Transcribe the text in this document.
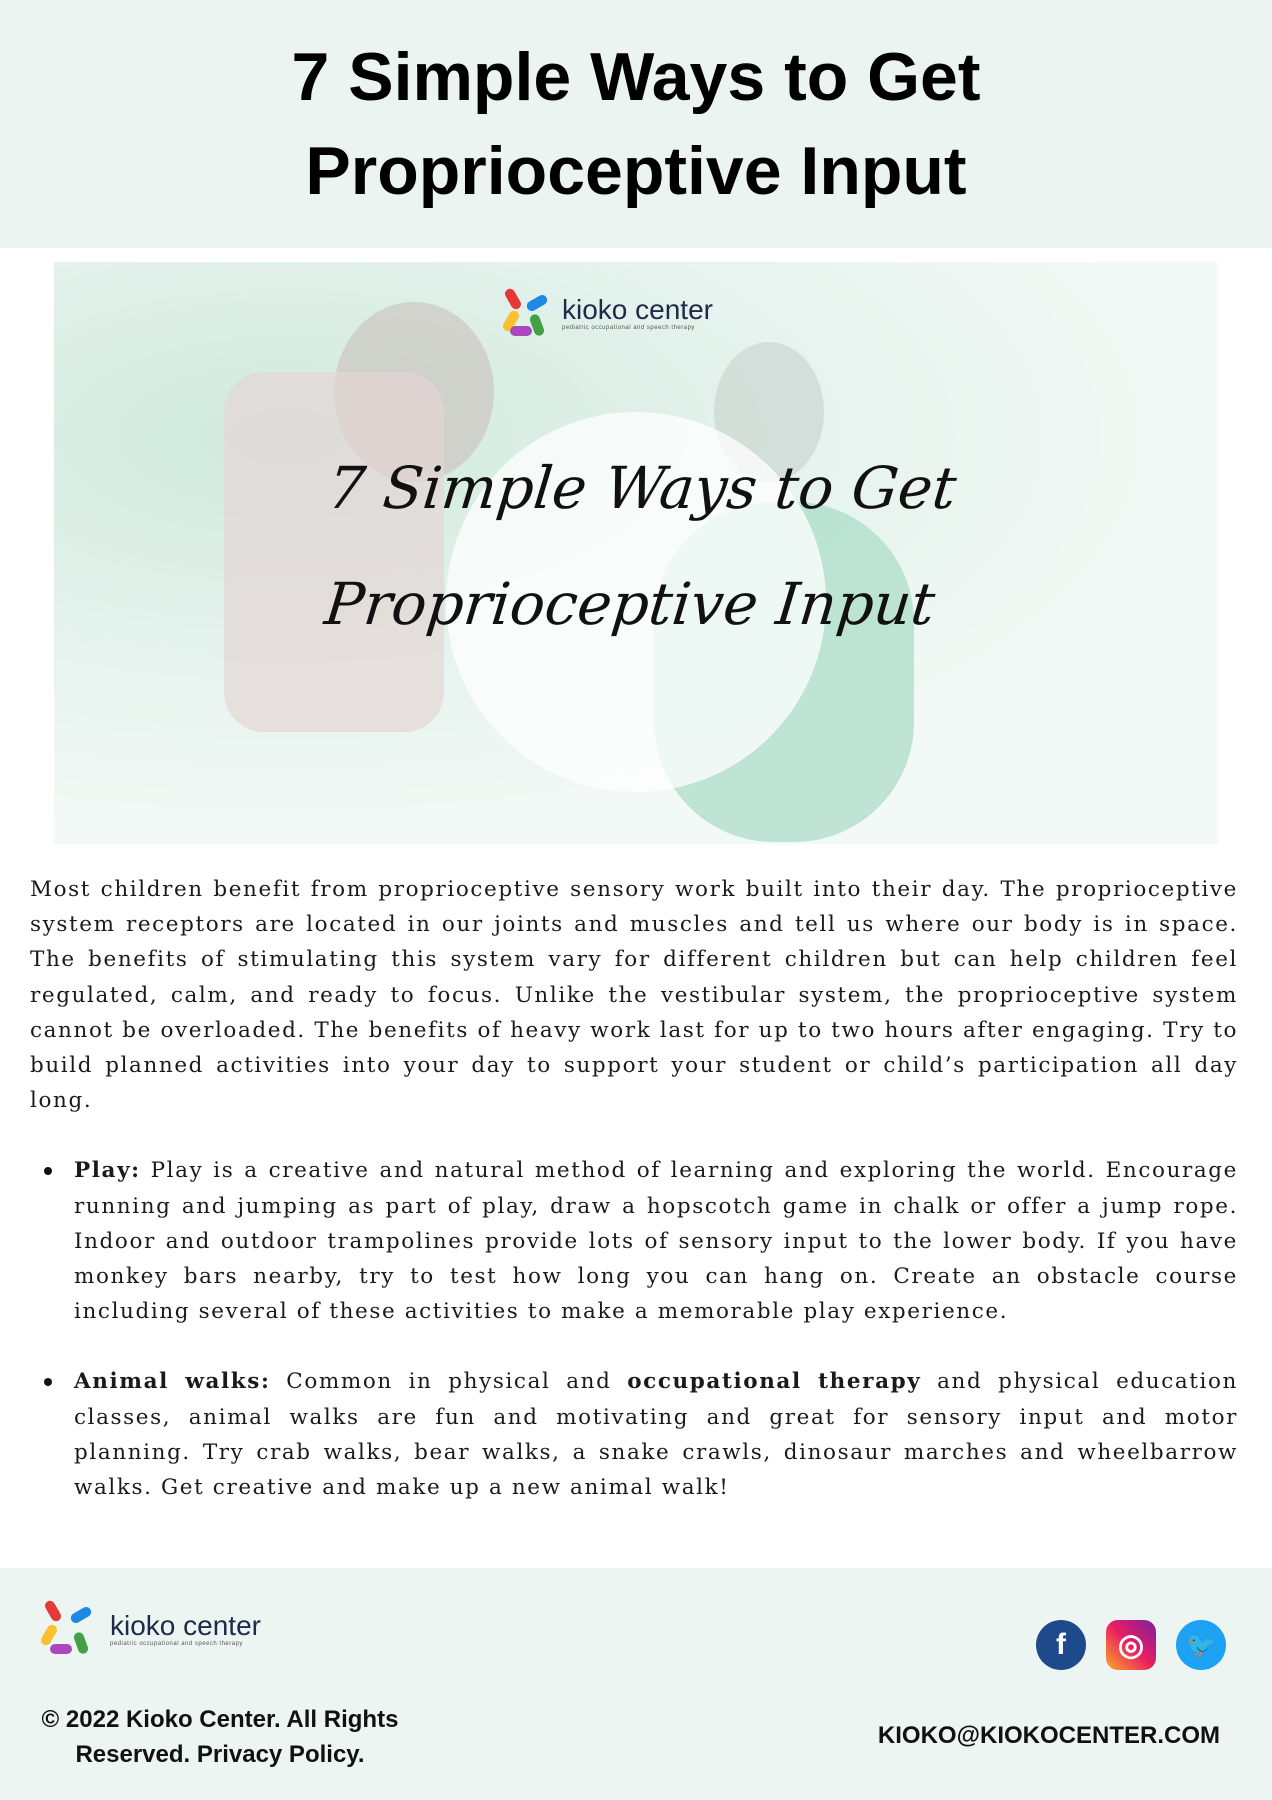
7 Simple Ways to Get
Proprioceptive Input
kioko center
pediatric occupational and speech therapy
7 Simple Ways to Get
Proprioceptive Input

Most children benefit from proprioceptive sensory work built into their day. The proprioceptive system receptors are located in our joints and muscles and tell us where our body is in space. The benefits of stimulating this system vary for different children but can help children feel regulated, calm, and ready to focus. Unlike the vestibular system, the proprioceptive system cannot be overloaded. The benefits of heavy work last for up to two hours after engaging. Try to build planned activities into your day to support your student or child’s participation all day long.

Play: Play is a creative and natural method of learning and exploring the world. Encourage running and jumping as part of play, draw a hopscotch game in chalk or offer a jump rope. Indoor and outdoor trampolines provide lots of sensory input to the lower body. If you have monkey bars nearby, try to test how long you can hang on. Create an obstacle course including several of these activities to make a memorable play experience.
Animal walks: Common in physical and occupational therapy and physical education classes, animal walks are fun and motivating and great for sensory input and motor planning. Try crab walks, bear walks, a snake crawls, dinosaur marches and wheelbarrow walks. Get creative and make up a new animal walk!
kioko center
pediatric occupational and speech therapy	f	◎	🐦
© 2022 Kioko Center. All Rights
Reserved. Privacy Policy.
KIOKO@KIOKOCENTER.COM
